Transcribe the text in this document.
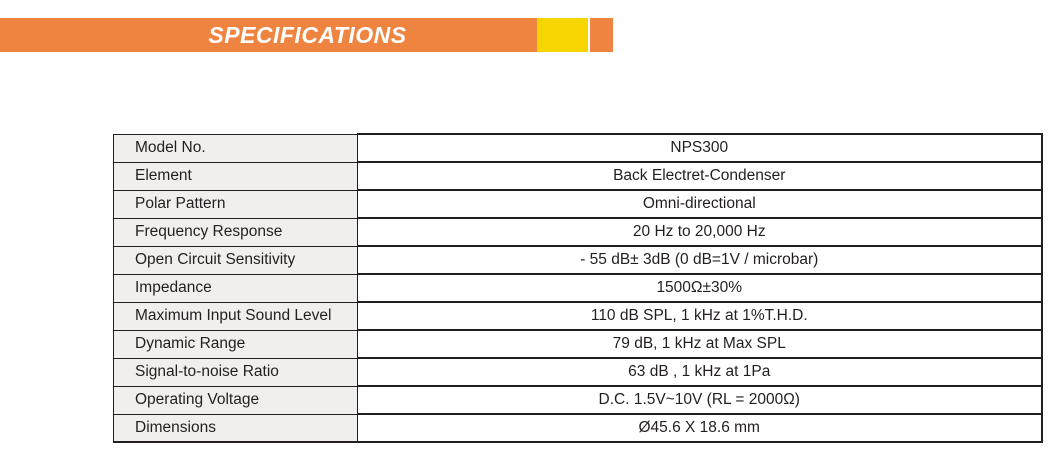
SPECIFICATIONS
Model No.	NPS300
Element	Back Electret-Condenser
Polar Pattern	Omni-directional
Frequency Response	20 Hz to 20,000 Hz
Open Circuit Sensitivity	- 55 dB± 3dB (0 dB=1V / microbar)
Impedance	1500Ω±30%
Maximum Input Sound Level	110 dB SPL, 1 kHz at 1%T.H.D.
Dynamic Range	79 dB, 1 kHz at Max SPL
Signal-to-noise Ratio	63 dB , 1 kHz at 1Pa
Operating Voltage	D.C. 1.5V~10V (RL = 2000Ω)
Dimensions	Ø45.6 X 18.6 mm
